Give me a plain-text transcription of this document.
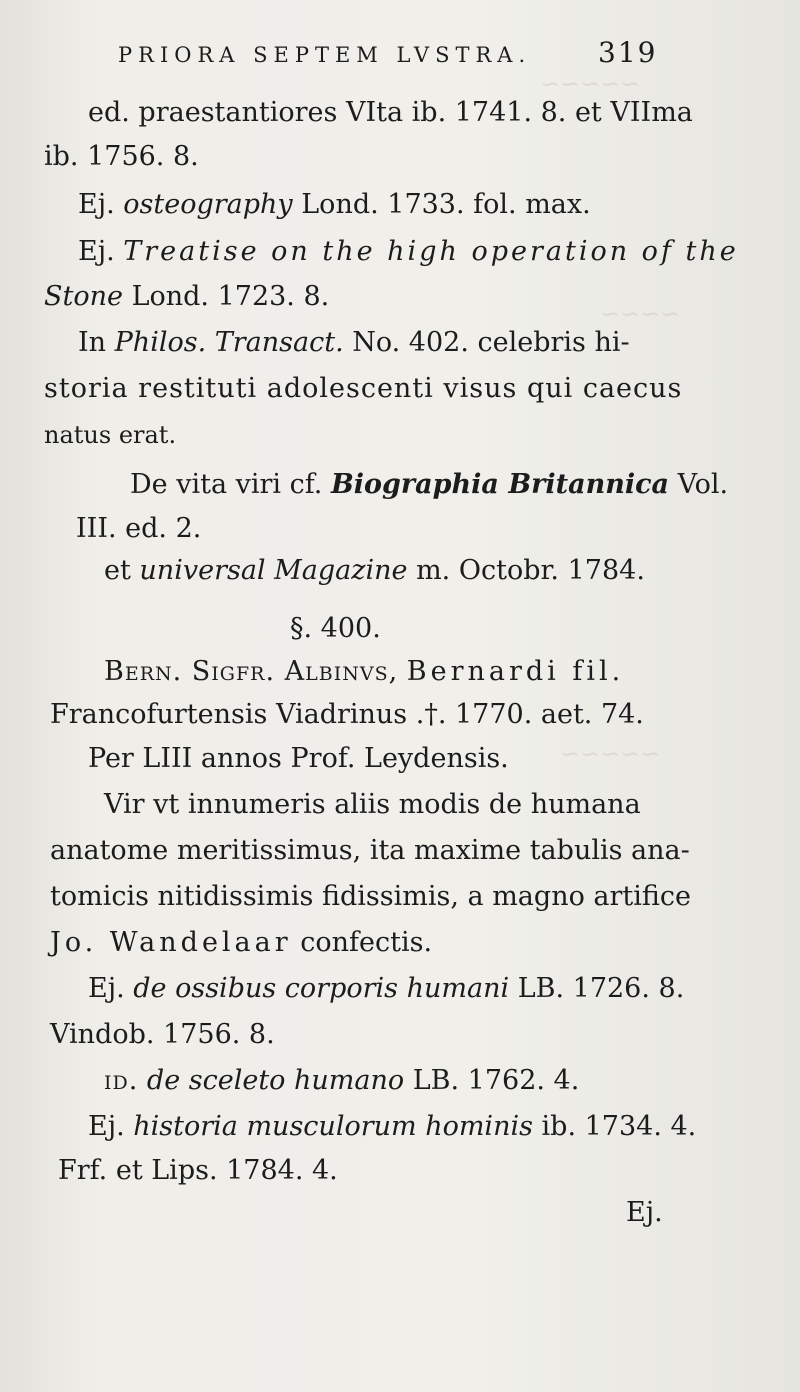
~~~~~
~~~~
~~~~~
PRIORA SEPTEM LVSTRA. 319
ed. praestantiores VIta ib. 1741. 8. et VIIma
ib. 1756. 8.
Ej. osteography Lond. 1733. fol. max.
Ej. Treatise on the high operation of the
Stone Lond. 1723. 8.
In Philos. Transact. No. 402. celebris hi-
storia restituti adolescenti visus qui caecus
natus erat.
De vita viri cf. Biographia Britannica Vol.
III. ed. 2.
et universal Magazine m. Octobr. 1784.
§. 400.
Bern. Sigfr. Albinvs, Bernardi fil.
Francofurtensis Viadrinus .†. 1770. aet. 74.
Per LIII annos Prof. Leydensis.
Vir vt innumeris aliis modis de humana
anatome meritissimus, ita maxime tabulis ana-
tomicis nitidissimis fidissimis, a magno artifice
Jo. Wandelaar confectis.
Ej. de ossibus corporis humani LB. 1726. 8.
Vindob. 1756. 8.
id. de sceleto humano LB. 1762. 4.
Ej. historia musculorum hominis ib. 1734. 4.
Frf. et Lips. 1784. 4.
Ej.
